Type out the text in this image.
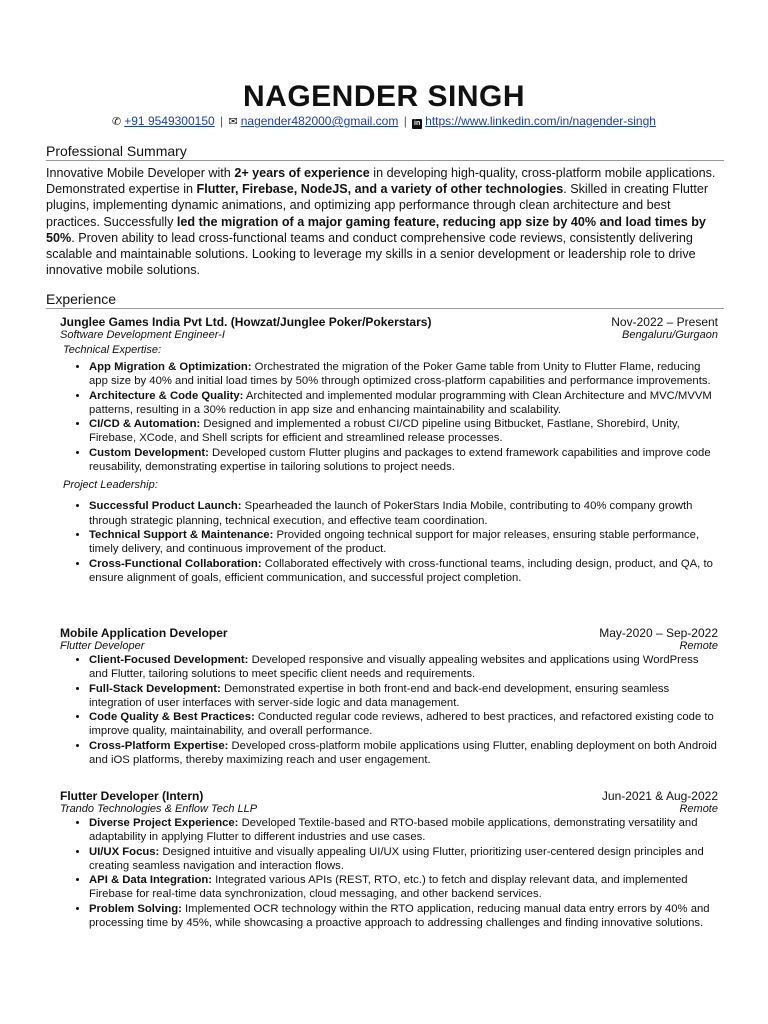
NAGENDER SINGH
✆ +91 9549300150 | ✉ nagender482000@gmail.com | in https://www.linkedin.com/in/nagender-singh
Professional Summary
Innovative Mobile Developer with 2+ years of experience in developing high-quality, cross-platform mobile applications. Demonstrated expertise in Flutter, Firebase, NodeJS, and a variety of other technologies. Skilled in creating Flutter plugins, implementing dynamic animations, and optimizing app performance through clean architecture and best practices. Successfully led the migration of a major gaming feature, reducing app size by 40% and load times by 50%. Proven ability to lead cross-functional teams and conduct comprehensive code reviews, consistently delivering scalable and maintainable solutions. Looking to leverage my skills in a senior development or leadership role to drive innovative mobile solutions.
Experience
Junglee Games India Pvt Ltd. (Howzat/Junglee Poker/Pokerstars)	Nov-2022 – Present
Software Development Engineer-I	Bengaluru/Gurgaon
Technical Expertise:
• App Migration & Optimization: Orchestrated the migration of the Poker Game table from Unity to Flutter Flame, reducing app size by 40% and initial load times by 50% through optimized cross-platform capabilities and performance improvements.
• Architecture & Code Quality: Architected and implemented modular programming with Clean Architecture and MVC/MVVM patterns, resulting in a 30% reduction in app size and enhancing maintainability and scalability.
• CI/CD & Automation: Designed and implemented a robust CI/CD pipeline using Bitbucket, Fastlane, Shorebird, Unity, Firebase, XCode, and Shell scripts for efficient and streamlined release processes.
• Custom Development: Developed custom Flutter plugins and packages to extend framework capabilities and improve code reusability, demonstrating expertise in tailoring solutions to project needs.
Project Leadership:
• Successful Product Launch: Spearheaded the launch of PokerStars India Mobile, contributing to 40% company growth through strategic planning, technical execution, and effective team coordination.
• Technical Support & Maintenance: Provided ongoing technical support for major releases, ensuring stable performance, timely delivery, and continuous improvement of the product.
• Cross-Functional Collaboration: Collaborated effectively with cross-functional teams, including design, product, and QA, to ensure alignment of goals, efficient communication, and successful project completion.
Mobile Application Developer	May-2020 – Sep-2022
Flutter Developer	Remote
• Client-Focused Development: Developed responsive and visually appealing websites and applications using WordPress and Flutter, tailoring solutions to meet specific client needs and requirements.
• Full-Stack Development: Demonstrated expertise in both front-end and back-end development, ensuring seamless integration of user interfaces with server-side logic and data management.
• Code Quality & Best Practices: Conducted regular code reviews, adhered to best practices, and refactored existing code to improve quality, maintainability, and overall performance.
• Cross-Platform Expertise: Developed cross-platform mobile applications using Flutter, enabling deployment on both Android and iOS platforms, thereby maximizing reach and user engagement.
Flutter Developer (Intern)	Jun-2021 & Aug-2022
Trando Technologies & Enflow Tech LLP	Remote
• Diverse Project Experience: Developed Textile-based and RTO-based mobile applications, demonstrating versatility and adaptability in applying Flutter to different industries and use cases.
• UI/UX Focus: Designed intuitive and visually appealing UI/UX using Flutter, prioritizing user-centered design principles and creating seamless navigation and interaction flows.
• API & Data Integration: Integrated various APIs (REST, RTO, etc.) to fetch and display relevant data, and implemented Firebase for real-time data synchronization, cloud messaging, and other backend services.
• Problem Solving: Implemented OCR technology within the RTO application, reducing manual data entry errors by 40% and processing time by 45%, while showcasing a proactive approach to addressing challenges and finding innovative solutions.
